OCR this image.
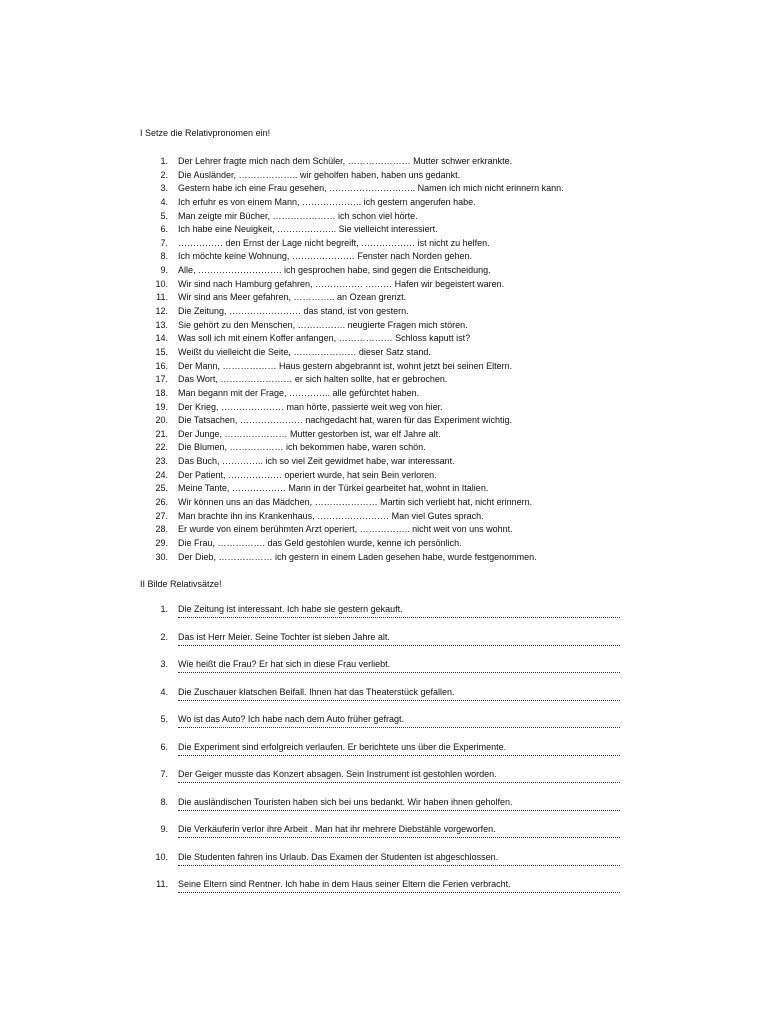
I Setze die Relativpronomen ein!
1.	Der Lehrer fragte mich nach dem Schüler, ………………… Mutter schwer erkrankte.
2.	Die Ausländer, ……………….. wir geholfen haben, haben uns gedankt.
3.	Gestern habe ich eine Frau gesehen, ……………………….. Namen ich mich nicht erinnern kann.
4.	Ich erfuhr es von einem Mann, ……………….. ich gestern angerufen habe.
5.	Man zeigte mir Bücher, ………………… ich schon viel hörte.
6.	Ich habe eine Neuigkeit, ……………….. Sie vielleicht interessiert.
7.	…………… den Ernst der Lage nicht begreift, ……………… ist nicht zu helfen.
8.	Ich möchte keine Wohnung, ………………… Fenster nach Norden gehen.
9.	Alle, ………………………. ich gesprochen habe, sind gegen die Entscheidung.
10.	Wir sind nach Hamburg gefahren, ……………. ……… Hafen wir begeistert waren.
11.	Wir sind ans Meer gefahren, ………….. an Ozean grenzt.
12.	Die Zeitung, …………………… das stand, ist von gestern.
13.	Sie gehört zu den Menschen, ……………. neugierte Fragen mich stören.
14.	Was soll ich mit einem Koffer anfangen, ……………… Schloss kaputt ist?
15.	Weißt du vielleicht die Seite, ………………… dieser Satz stand.
16.	Der Mann, ……………… Haus gestern abgebrannt ist, wohnt jetzt bei seinen Eltern.
17.	Das Wort, …………………… er sich halten sollte, hat er gebrochen.
18.	Man begann mit der Frage, ………….. alle gefürchtet haben.
19.	Der Krieg, ………………… man hörte, passierte weit weg von hier.
20.	Die Tatsachen, ………………… nachgedacht hat, waren für das Experiment wichtig.
21.	Der Junge, ………………… Mutter gestorben ist, war elf Jahre alt.
22.	Die Blumen, ……………… ich bekommen habe, waren schön.
23.	Das Buch, ………….. ich so viel Zeit gewidmet habe, war interessant.
24.	Der Patient, ……………… operiert wurde, hat sein Bein verloren.
25.	Meine Tante, ……………… Mann in der Türkei gearbeitet hat, wohnt in Italien.
26.	Wir können uns an das Mädchen, ………………… Martin sich verliebt hat, nicht erinnern.
27.	Man brachte ihn ins Krankenhaus, …………………… Man viel Gutes sprach.
28.	Er wurde von einem berühmten Arzt operiert, …………….. nicht weit von uns wohnt.
29.	Die Frau, ……………. das Geld gestohlen wurde, kenne ich persönlich.
30.	Der Dieb, ……………… ich gestern in einem Laden gesehen habe, wurde festgenommen.
II Bilde Relativsätze!
1.	Die Zeitung ist interessant. Ich habe sie gestern gekauft.
2.	Das ist Herr Meier. Seine Tochter ist sieben Jahre alt.
3.	Wie heißt die Frau? Er hat sich in diese Frau verliebt.
4.	Die Zuschauer klatschen Beifall. Ihnen hat das Theaterstück gefallen.
5.	Wo ist das Auto? Ich habe nach dem Auto früher gefragt.
6.	Die Experiment sind erfolgreich verlaufen. Er berichtete uns über die Experimente.
7.	Der Geiger musste das Konzert absagen. Sein Instrument ist gestohlen worden.
8.	Die ausländischen Touristen haben sich bei uns bedankt. Wir haben ihnen geholfen.
9.	Die Verkäuferin verlor ihre Arbeit . Man hat ihr mehrere Diebstähle vorgeworfen.
10.	Die Studenten fahren ins Urlaub. Das Examen der Studenten ist abgeschlossen.
11.	Seine Eltern sind Rentner. Ich habe in dem Haus seiner Eltern die Ferien verbracht.
